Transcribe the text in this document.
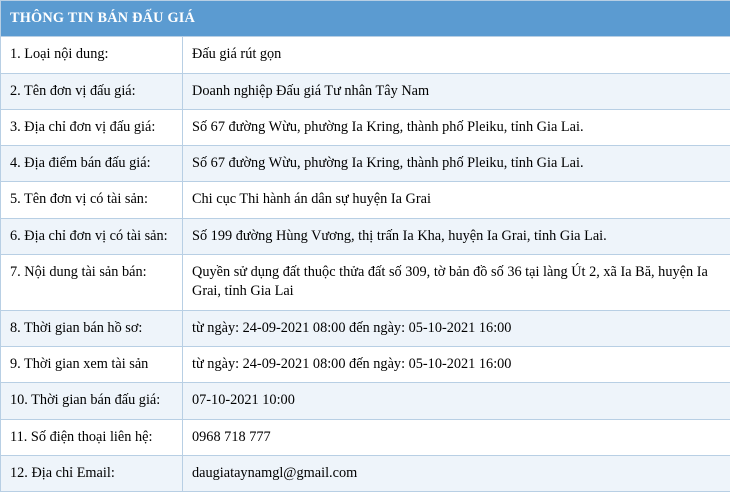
THÔNG TIN BÁN ĐẤU GIÁ	
1. Loại nội dung:	Đấu giá rút gọn
2. Tên đơn vị đấu giá:	Doanh nghiệp Đấu giá Tư nhân Tây Nam
3. Địa chỉ đơn vị đấu giá:	Số 67 đường Wừu, phường Ia Kring, thành phố Pleiku, tỉnh Gia Lai.
4. Địa điểm bán đấu giá:	Số 67 đường Wừu, phường Ia Kring, thành phố Pleiku, tỉnh Gia Lai.
5. Tên đơn vị có tài sản:	Chi cục Thi hành án dân sự huyện Ia Grai
6. Địa chỉ đơn vị có tài sản:	Số 199 đường Hùng Vương, thị trấn Ia Kha, huyện Ia Grai, tỉnh Gia Lai.
7. Nội dung tài sản bán:	Quyền sử dụng đất thuộc thửa đất số 309, tờ bản đồ số 36 tại làng Út 2, xã Ia Bă, huyện Ia Grai, tỉnh Gia Lai
8. Thời gian bán hồ sơ:	từ ngày: 24-09-2021 08:00 đến ngày: 05-10-2021 16:00
9. Thời gian xem tài sản	từ ngày: 24-09-2021 08:00 đến ngày: 05-10-2021 16:00
10. Thời gian bán đấu giá:	07-10-2021 10:00
11. Số điện thoại liên hệ:	0968 718 777
12. Địa chỉ Email:	daugiataynamgl@gmail.com
